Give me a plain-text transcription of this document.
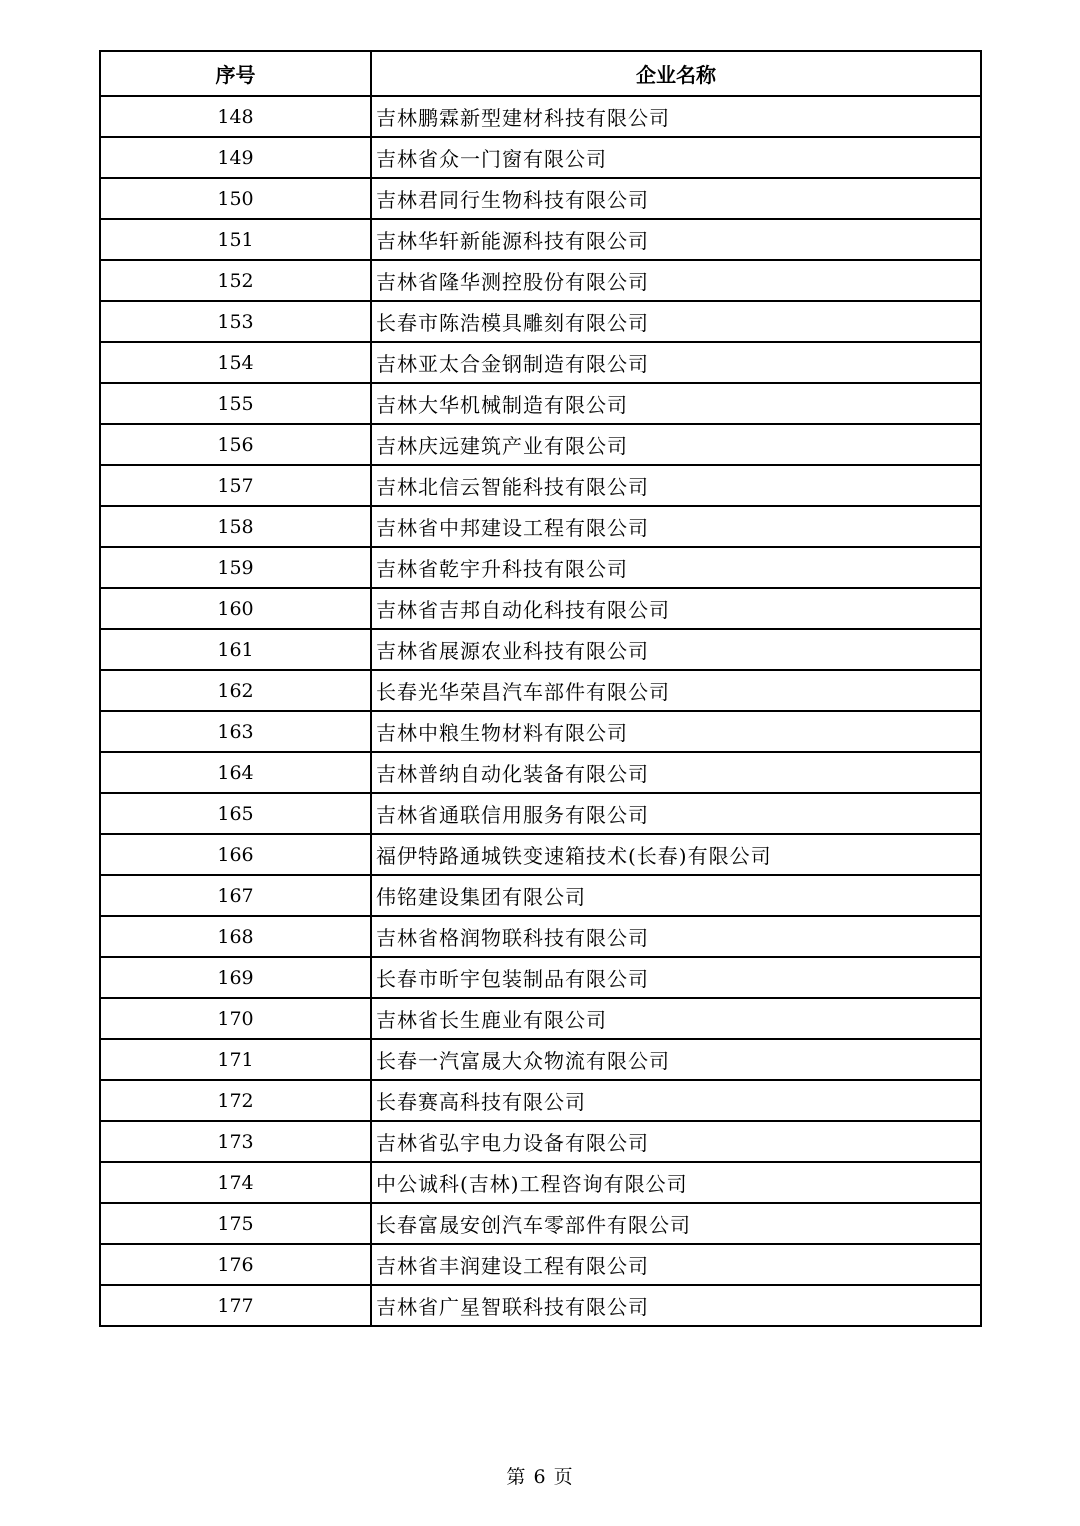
序号	企业名称
148	吉林鹏霖新型建材科技有限公司
149	吉林省众一门窗有限公司
150	吉林君同行生物科技有限公司
151	吉林华轩新能源科技有限公司
152	吉林省隆华测控股份有限公司
153	长春市陈浩模具雕刻有限公司
154	吉林亚太合金钢制造有限公司
155	吉林大华机械制造有限公司
156	吉林庆远建筑产业有限公司
157	吉林北信云智能科技有限公司
158	吉林省中邦建设工程有限公司
159	吉林省乾宇升科技有限公司
160	吉林省吉邦自动化科技有限公司
161	吉林省展源农业科技有限公司
162	长春光华荣昌汽车部件有限公司
163	吉林中粮生物材料有限公司
164	吉林普纳自动化装备有限公司
165	吉林省通联信用服务有限公司
166	福伊特路通城铁变速箱技术(长春)有限公司
167	伟铭建设集团有限公司
168	吉林省格润物联科技有限公司
169	长春市昕宇包装制品有限公司
170	吉林省长生鹿业有限公司
171	长春一汽富晟大众物流有限公司
172	长春赛高科技有限公司
173	吉林省弘宇电力设备有限公司
174	中公诚科(吉林)工程咨询有限公司
175	长春富晟安创汽车零部件有限公司
176	吉林省丰润建设工程有限公司
177	吉林省广星智联科技有限公司
第 6 页
